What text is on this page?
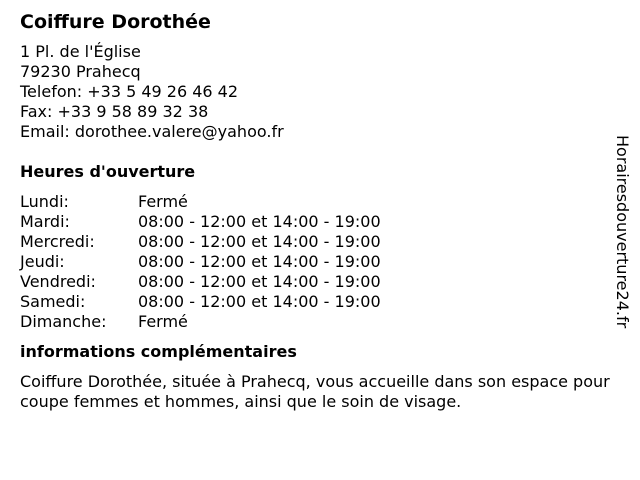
Coiffure Dorothée
1 Pl. de l'Église
79230 Prahecq
Telefon: +33 5 49 26 46 42
Fax: +33 9 58 89 32 38
Email: dorothee.valere@yahoo.fr
Heures d'ouverture
Lundi:	Fermé
Mardi:	08:00 - 12:00 et 14:00 - 19:00
Mercredi:	08:00 - 12:00 et 14:00 - 19:00
Jeudi:	08:00 - 12:00 et 14:00 - 19:00
Vendredi:	08:00 - 12:00 et 14:00 - 19:00
Samedi:	08:00 - 12:00 et 14:00 - 19:00
Dimanche:	Fermé
informations complémentaires
Coiffure Dorothée, située à Prahecq, vous accueille dans son espace pour coupe femmes et hommes, ainsi que le soin de visage.
Horairesdouverture24.fr
